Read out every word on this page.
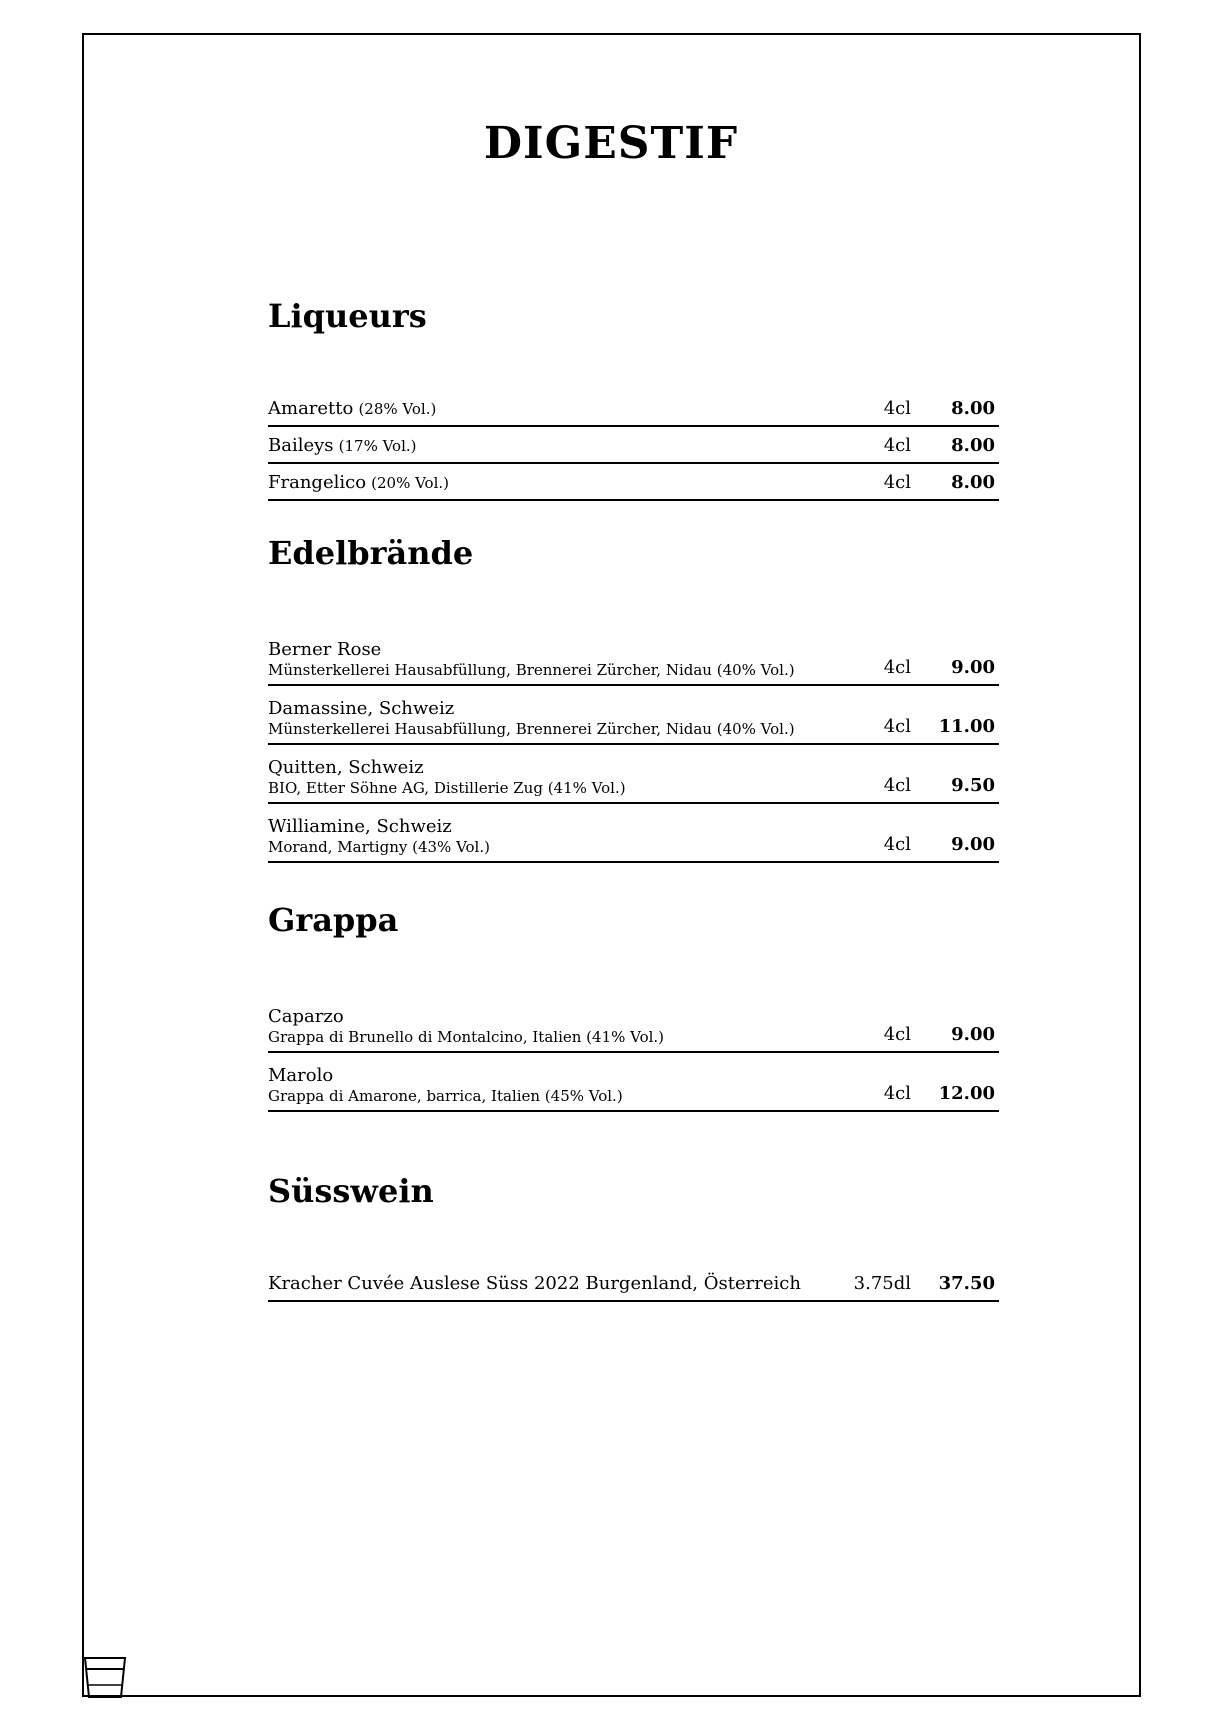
DIGESTIF
Liqueurs
Amaretto (28% Vol.)	4cl 8.00
Baileys (17% Vol.)	4cl 8.00
Frangelico (20% Vol.)	4cl 8.00
Edelbrände
Berner Rose
Münsterkellerei Hausabfüllung, Brennerei Zürcher, Nidau (40% Vol.)	4cl 9.00
Damassine, Schweiz
Münsterkellerei Hausabfüllung, Brennerei Zürcher, Nidau (40% Vol.)	4cl 11.00
Quitten, Schweiz
BIO, Etter Söhne AG, Distillerie Zug (41% Vol.)	4cl 9.50
Williamine, Schweiz
Morand, Martigny (43% Vol.)	4cl 9.00
Grappa
Caparzo
Grappa di Brunello di Montalcino, Italien (41% Vol.)	4cl 9.00
Marolo
Grappa di Amarone, barrica, Italien (45% Vol.)	4cl 12.00
Süsswein
Kracher Cuvée Auslese Süss 2022 Burgenland, Österreich	3.75dl 37.50
